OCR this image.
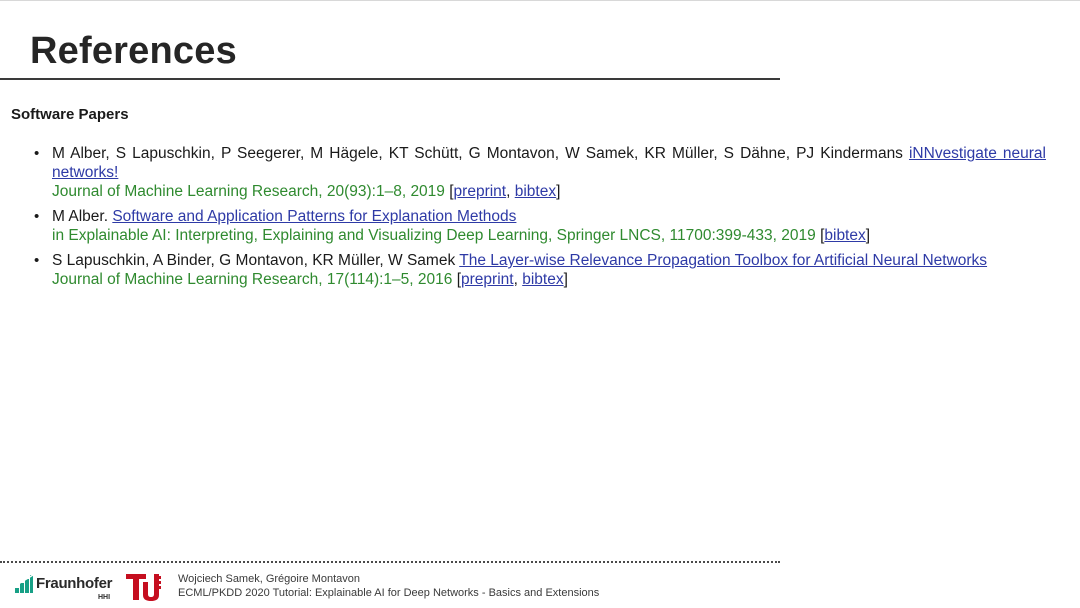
References
Software Papers
• M Alber, S Lapuschkin, P Seegerer, M Hägele, KT Schütt, G Montavon, W Samek, KR Müller, S Dähne, PJ Kindermans iNNvestigate neural networks!
Journal of Machine Learning Research, 20(93):1–8, 2019 [preprint, bibtex]
• M Alber. Software and Application Patterns for Explanation Methods
in Explainable AI: Interpreting, Explaining and Visualizing Deep Learning, Springer LNCS, 11700:399-433, 2019 [bibtex]
• S Lapuschkin, A Binder, G Montavon, KR Müller, W Samek The Layer-wise Relevance Propagation Toolbox for Artificial Neural Networks
Journal of Machine Learning Research, 17(114):1–5, 2016 [preprint, bibtex]
Fraunhofer
HHI
Wojciech Samek, Grégoire Montavon
ECML/PKDD 2020 Tutorial: Explainable AI for Deep Networks - Basics and Extensions
